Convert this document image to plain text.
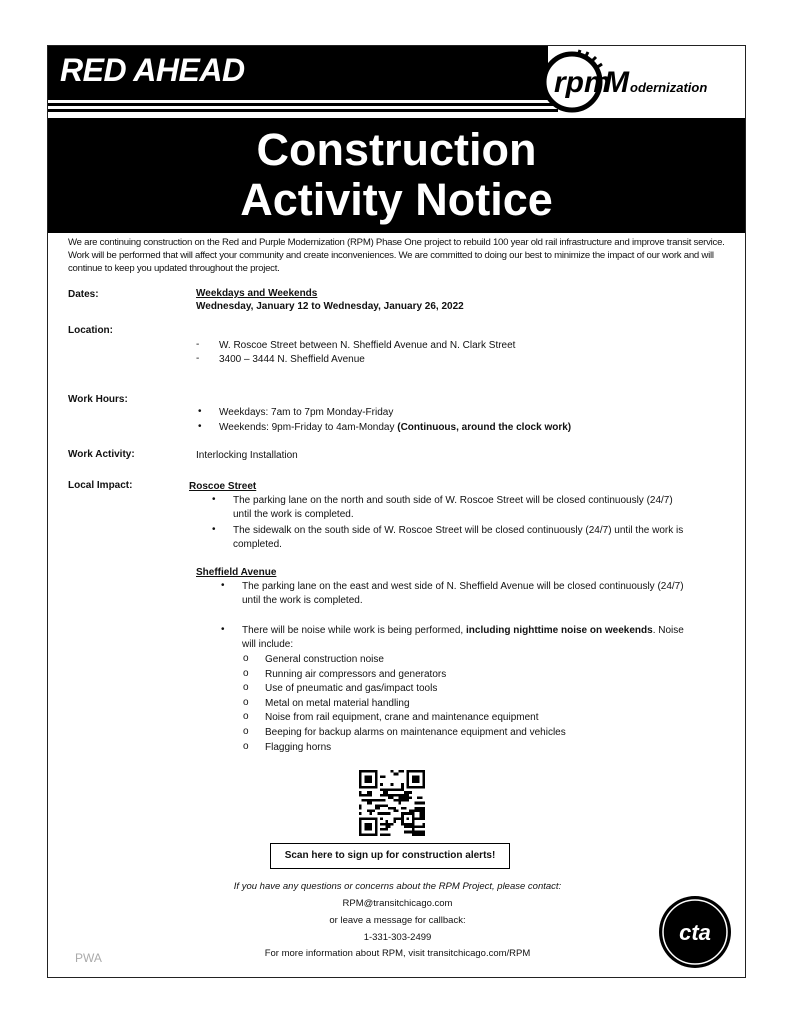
RED AHEAD	rpm
M odernization
Construction
Activity Notice
We are continuing construction on the Red and Purple Modernization (RPM) Phase One project to rebuild 100 year old rail infrastructure and improve transit service. Work will be performed that will affect your community and create inconveniences. We are committed to doing our best to minimize the impact of our work and will continue to keep you updated throughout the project.
Dates:	Weekdays and Weekends
Wednesday, January 12 to Wednesday, January 26, 2022
Location:
- W. Roscoe Street between N. Sheffield Avenue and N. Clark Street
- 3400 – 3444 N. Sheffield Avenue
Work Hours:
• Weekdays: 7am to 7pm Monday-Friday
• Weekends: 9pm-Friday to 4am-Monday (Continuous, around the clock work)
Work Activity:	Interlocking Installation
Local Impact:	Roscoe Street
• The parking lane on the north and south side of W. Roscoe Street will be closed continuously (24/7)
until the work is completed.
• The sidewalk on the south side of W. Roscoe Street will be closed continuously (24/7) until the work is
completed.
Sheffield Avenue
• The parking lane on the east and west side of N. Sheffield Avenue will be closed continuously (24/7)
until the work is completed.
• There will be noise while work is being performed, including nighttime noise on weekends. Noise
will include:
o General construction noise
o Running air compressors and generators
o Use of pneumatic and gas/impact tools
o Metal on metal material handling
o Noise from rail equipment, crane and maintenance equipment
o Beeping for backup alarms on maintenance equipment and vehicles
o Flagging horns
Scan here to sign up for construction alerts!
If you have any questions or concerns about the RPM Project, please contact:
RPM@transitchicago.com
or leave a message for callback:
1-331-303-2499
For more information about RPM, visit transitchicago.com/RPM
PWA
cta
